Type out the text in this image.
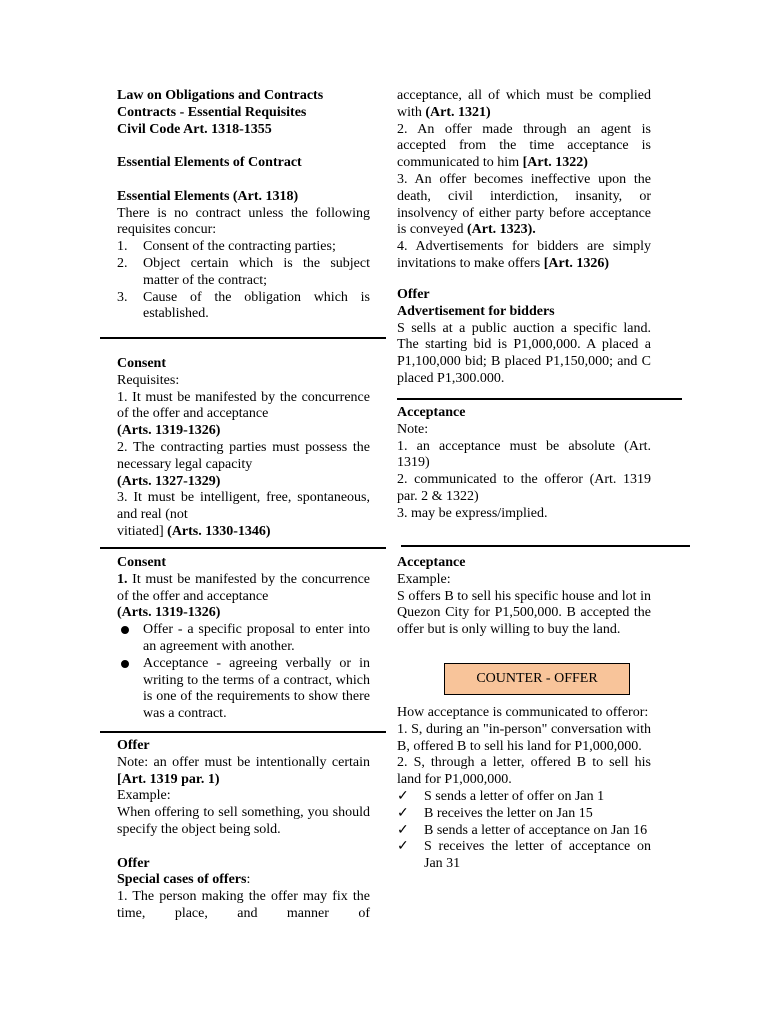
Law on Obligations and Contracts
Contracts - Essential Requisites
Civil Code Art. 1318-1355
Essential Elements of Contract
Essential Elements (Art. 1318)

There is no contract unless the following requisites concur:

1.	Consent of the contracting parties;
2.	Object certain which is the subject matter of the contract;
3.	Cause of the obligation which is established.
Consent
Requisites:

1. It must be manifested by the concurrence of the offer and acceptance

(Arts. 1319-1326)

2. The contracting parties must possess the necessary legal capacity

(Arts. 1327-1329)

3. It must be intelligent, free, spontaneous, and real (not

vitiated] (Arts. 1330-1346)
Consent

1. It must be manifested by the concurrence of the offer and acceptance

(Arts. 1319-1326)
Offer - a specific proposal to enter into an agreement with another.
Acceptance - agreeing verbally or in writing to the terms of a contract, which is one of the requirements to show there was a contract.
Offer

Note: an offer must be intentionally certain [Art. 1319 par. 1)

Example:

When offering to sell something, you should specify the object being sold.

Offer
Special cases of offers:

1. The person making the offer may fix the time, place, and manner of

acceptance, all of which must be complied with (Art. 1321)

2. An offer made through an agent is accepted from the time acceptance is communicated to him [Art. 1322)

3. An offer becomes ineffective upon the death, civil interdiction, insanity, or insolvency of either party before acceptance is conveyed (Art. 1323).

4. Advertisements for bidders are simply invitations to make offers [Art. 1326)

Offer
Advertisement for bidders

S sells at a public auction a specific land. The starting bid is P1,000,000. A placed a P1,100,000 bid; B placed P1,150,000; and C placed P1,300.000.

Acceptance
Note:

1. an acceptance must be absolute (Art. 1319)

2. communicated to the offeror (Art. 1319 par. 2 & 1322)

3. may be express/implied.

Acceptance
Example:

S offers B to sell his specific house and lot in Quezon City for P1,500,000. B accepted the offer but is only willing to buy the land.

COUNTER - OFFER

How acceptance is communicated to offeror:

1. S, during an "in-person" conversation with B, offered B to sell his land for P1,000,000.

2. S, through a letter, offered B to sell his land for P1,000,000.

✓	S sends a letter of offer on Jan 1
✓	B receives the letter on Jan 15
✓	B sends a letter of acceptance on Jan 16
✓	S receives the letter of acceptance on Jan 31
